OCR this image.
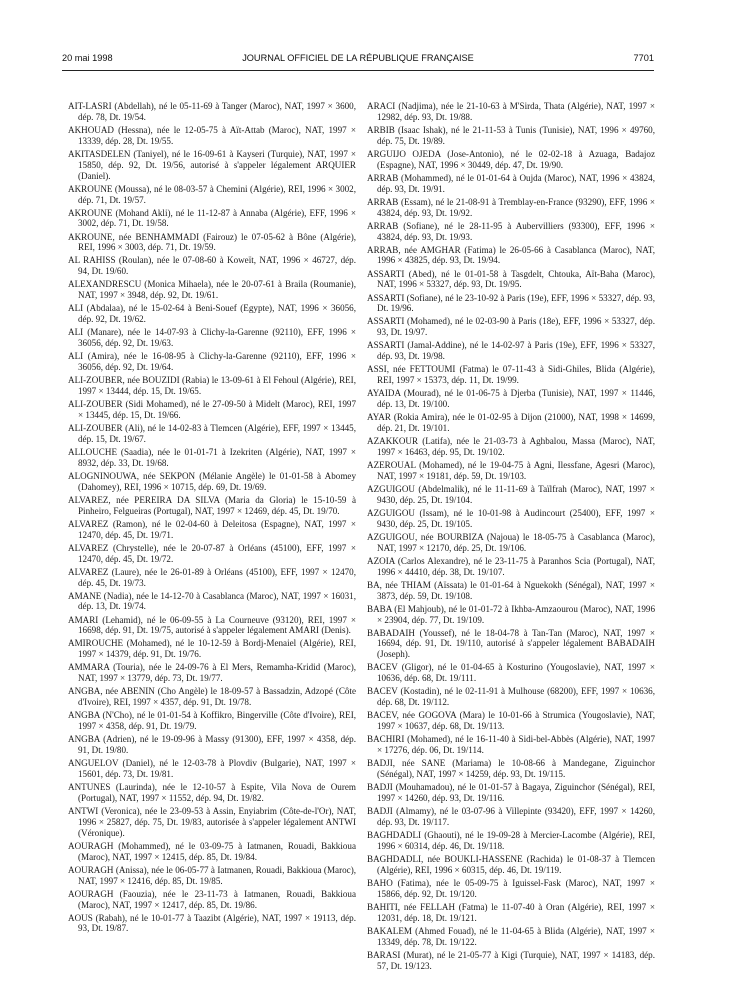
20 mai 1998	JOURNAL OFFICIEL DE LA RÉPUBLIQUE FRANÇAISE	7701

AIT-LASRI (Abdellah), né le 05-11-69 à Tanger (Maroc), NAT, 1997 × 3600, dép. 78, Dt. 19/54.

AKHOUAD (Hessna), née le 12-05-75 à Aït-Attab (Maroc), NAT, 1997 × 13339, dép. 28, Dt. 19/55.

AKITASDELEN (Taniyel), né le 16-09-61 à Kayseri (Turquie), NAT, 1997 × 15850, dép. 92, Dt. 19/56, autorisé à s'appeler légalement ARQUIER (Daniel).

AKROUNE (Moussa), né le 08-03-57 à Chemini (Algérie), REI, 1996 × 3002, dép. 71, Dt. 19/57.

AKROUNE (Mohand Akli), né le 11-12-87 à Annaba (Algérie), EFF, 1996 × 3002, dép. 71, Dt. 19/58.

AKROUNE, née BENHAMMADI (Fairouz) le 07-05-62 à Bône (Algérie), REI, 1996 × 3003, dép. 71, Dt. 19/59.

AL RAHISS (Roulan), née le 07-08-60 à Koweït, NAT, 1996 × 46727, dép. 94, Dt. 19/60.

ALEXANDRESCU (Monica Mihaela), née le 20-07-61 à Braila (Roumanie), NAT, 1997 × 3948, dép. 92, Dt. 19/61.

ALI (Abdalaa), né le 15-02-64 à Beni-Souef (Egypte), NAT, 1996 × 36056, dép. 92, Dt. 19/62.

ALI (Manare), née le 14-07-93 à Clichy-la-Garenne (92110), EFF, 1996 × 36056, dép. 92, Dt. 19/63.

ALI (Amira), née le 16-08-95 à Clichy-la-Garenne (92110), EFF, 1996 × 36056, dép. 92, Dt. 19/64.

ALI-ZOUBER, née BOUZIDI (Rabia) le 13-09-61 à El Fehoul (Algérie), REI, 1997 × 13444, dép. 15, Dt. 19/65.

ALI-ZOUBER (Sidi Mohamed), né le 27-09-50 à Midelt (Maroc), REI, 1997 × 13445, dép. 15, Dt. 19/66.

ALI-ZOUBER (Ali), né le 14-02-83 à Tlemcen (Algérie), EFF, 1997 × 13445, dép. 15, Dt. 19/67.

ALLOUCHE (Saadia), née le 01-01-71 à Izekriten (Algérie), NAT, 1997 × 8932, dép. 33, Dt. 19/68.

ALOGNINOUWA, née SEKPON (Mélanie Angèle) le 01-01-58 à Abomey (Dahomey), REI, 1996 × 10715, dép. 69, Dt. 19/69.

ALVAREZ, née PEREIRA DA SILVA (Maria da Gloria) le 15-10-59 à Pinheiro, Felgueiras (Portugal), NAT, 1997 × 12469, dép. 45, Dt. 19/70.

ALVAREZ (Ramon), né le 02-04-60 à Deleitosa (Espagne), NAT, 1997 × 12470, dép. 45, Dt. 19/71.

ALVAREZ (Chrystelle), née le 20-07-87 à Orléans (45100), EFF, 1997 × 12470, dép. 45, Dt. 19/72.

ALVAREZ (Laure), née le 26-01-89 à Orléans (45100), EFF, 1997 × 12470, dép. 45, Dt. 19/73.

AMANE (Nadia), née le 14-12-70 à Casablanca (Maroc), NAT, 1997 × 16031, dép. 13, Dt. 19/74.

AMARI (Lehamid), né le 06-09-55 à La Courneuve (93120), REI, 1997 × 16698, dép. 91, Dt. 19/75, autorisé à s'appeler légalement AMARI (Denis).

AMIROUCHE (Mohamed), né le 10-12-59 à Bordj-Menaiel (Algérie), REI, 1997 × 14379, dép. 91, Dt. 19/76.

AMMARA (Touria), née le 24-09-76 à El Mers, Remamha-Kridid (Maroc), NAT, 1997 × 13779, dép. 73, Dt. 19/77.

ANGBA, née ABENIN (Cho Angèle) le 18-09-57 à Bassadzin, Adzopé (Côte d'Ivoire), REI, 1997 × 4357, dép. 91, Dt. 19/78.

ANGBA (N'Cho), né le 01-01-54 à Koffikro, Bingerville (Côte d'Ivoire), REI, 1997 × 4358, dép. 91, Dt. 19/79.

ANGBA (Adrien), né le 19-09-96 à Massy (91300), EFF, 1997 × 4358, dép. 91, Dt. 19/80.

ANGUELOV (Daniel), né le 12-03-78 à Plovdiv (Bulgarie), NAT, 1997 × 15601, dép. 73, Dt. 19/81.

ANTUNES (Laurinda), née le 12-10-57 à Espite, Vila Nova de Ourem (Portugal), NAT, 1997 × 11552, dép. 94, Dt. 19/82.

ANTWI (Veronica), née le 23-09-53 à Assin, Enyiabrim (Côte-de-l'Or), NAT, 1996 × 25827, dép. 75, Dt. 19/83, autorisée à s'appeler légalement ANTWI (Véronique).

AOURAGH (Mohammed), né le 03-09-75 à Iatmanen, Rouadi, Bakkioua (Maroc), NAT, 1997 × 12415, dép. 85, Dt. 19/84.

AOURAGH (Anissa), née le 06-05-77 à Iatmanen, Rouadi, Bakkioua (Maroc), NAT, 1997 × 12416, dép. 85, Dt. 19/85.

AOURAGH (Faouzia), née le 23-11-73 à Iatmanen, Rouadi, Bakkioua (Maroc), NAT, 1997 × 12417, dép. 85, Dt. 19/86.

AOUS (Rabah), né le 10-01-77 à Taazibt (Algérie), NAT, 1997 × 19113, dép. 93, Dt. 19/87.

ARACI (Nadjima), née le 21-10-63 à M'Sirda, Thata (Algérie), NAT, 1997 × 12982, dép. 93, Dt. 19/88.

ARBIB (Isaac Ishak), né le 21-11-53 à Tunis (Tunisie), NAT, 1996 × 49760, dép. 75, Dt. 19/89.

ARGUIJO OJEDA (Jose-Antonio), né le 02-02-18 à Azuaga, Badajoz (Espagne), NAT, 1996 × 30449, dép. 47, Dt. 19/90.

ARRAB (Mohammed), né le 01-01-64 à Oujda (Maroc), NAT, 1996 × 43824, dép. 93, Dt. 19/91.

ARRAB (Essam), né le 21-08-91 à Tremblay-en-France (93290), EFF, 1996 × 43824, dép. 93, Dt. 19/92.

ARRAB (Sofiane), né le 28-11-95 à Aubervilliers (93300), EFF, 1996 × 43824, dép. 93, Dt. 19/93.

ARRAB, née AMGHAR (Fatima) le 26-05-66 à Casablanca (Maroc), NAT, 1996 × 43825, dép. 93, Dt. 19/94.

ASSARTI (Abed), né le 01-01-58 à Tasgdelt, Chtouka, Aït-Baha (Maroc), NAT, 1996 × 53327, dép. 93, Dt. 19/95.

ASSARTI (Sofiane), né le 23-10-92 à Paris (19e), EFF, 1996 × 53327, dép. 93, Dt. 19/96.

ASSARTI (Mohamed), né le 02-03-90 à Paris (18e), EFF, 1996 × 53327, dép. 93, Dt. 19/97.

ASSARTI (Jamal-Addine), né le 14-02-97 à Paris (19e), EFF, 1996 × 53327, dép. 93, Dt. 19/98.

ASSI, née FETTOUMI (Fatma) le 07-11-43 à Sidi-Ghiles, Blida (Algérie), REI, 1997 × 15373, dép. 11, Dt. 19/99.

AYAIDA (Mourad), né le 01-06-75 à Djerba (Tunisie), NAT, 1997 × 11446, dép. 13, Dt. 19/100.

AYAR (Rokia Amira), née le 01-02-95 à Dijon (21000), NAT, 1998 × 14699, dép. 21, Dt. 19/101.

AZAKKOUR (Latifa), née le 21-03-73 à Aghbalou, Massa (Maroc), NAT, 1997 × 16463, dép. 95, Dt. 19/102.

AZEROUAL (Mohamed), né le 19-04-75 à Agni, Ilessfane, Agesri (Maroc), NAT, 1997 × 19181, dép. 59, Dt. 19/103.

AZGUIGOU (Abdelmalik), né le 11-11-69 à Taïlfrah (Maroc), NAT, 1997 × 9430, dép. 25, Dt. 19/104.

AZGUIGOU (Issam), né le 10-01-98 à Audincourt (25400), EFF, 1997 × 9430, dép. 25, Dt. 19/105.

AZGUIGOU, née BOURBIZA (Najoua) le 18-05-75 à Casablanca (Maroc), NAT, 1997 × 12170, dép. 25, Dt. 19/106.

AZOIA (Carlos Alexandre), né le 23-11-75 à Paranhos Scia (Portugal), NAT, 1996 × 44410, dép. 38, Dt. 19/107.

BA, née THIAM (Aïssata) le 01-01-64 à Nguekokh (Sénégal), NAT, 1997 × 3873, dép. 59, Dt. 19/108.

BABA (El Mahjoub), né le 01-01-72 à Ikhba-Amzaourou (Maroc), NAT, 1996 × 23904, dép. 77, Dt. 19/109.

BABADAIH (Youssef), né le 18-04-78 à Tan-Tan (Maroc), NAT, 1997 × 16694, dép. 91, Dt. 19/110, autorisé à s'appeler légalement BABADAIH (Joseph).

BACEV (Gligor), né le 01-04-65 à Kosturino (Yougoslavie), NAT, 1997 × 10636, dép. 68, Dt. 19/111.

BACEV (Kostadin), né le 02-11-91 à Mulhouse (68200), EFF, 1997 × 10636, dép. 68, Dt. 19/112.

BACEV, née GOGOVA (Mara) le 10-01-66 à Strumica (Yougoslavie), NAT, 1997 × 10637, dép. 68, Dt. 19/113.

BACHIRI (Mohamed), né le 16-11-40 à Sidi-bel-Abbès (Algérie), NAT, 1997 × 17276, dép. 06, Dt. 19/114.

BADJI, née SANE (Mariama) le 10-08-66 à Mandegane, Ziguinchor (Sénégal), NAT, 1997 × 14259, dép. 93, Dt. 19/115.

BADJI (Mouhamadou), né le 01-01-57 à Bagaya, Ziguinchor (Sénégal), REI, 1997 × 14260, dép. 93, Dt. 19/116.

BADJI (Almamy), né le 03-07-96 à Villepinte (93420), EFF, 1997 × 14260, dép. 93, Dt. 19/117.

BAGHDADLI (Ghaouti), né le 19-09-28 à Mercier-Lacombe (Algérie), REI, 1996 × 60314, dép. 46, Dt. 19/118.

BAGHDADLI, née BOUKLI-HASSENE (Rachida) le 01-08-37 à Tlemcen (Algérie), REI, 1996 × 60315, dép. 46, Dt. 19/119.

BAHO (Fatima), née le 05-09-75 à Iguissel-Fask (Maroc), NAT, 1997 × 15866, dép. 92, Dt. 19/120.

BAHITI, née FELLAH (Fatma) le 11-07-40 à Oran (Algérie), REI, 1997 × 12031, dép. 18, Dt. 19/121.

BAKALEM (Ahmed Fouad), né le 11-04-65 à Blida (Algérie), NAT, 1997 × 13349, dép. 78, Dt. 19/122.

BARASI (Murat), né le 21-05-77 à Kigi (Turquie), NAT, 1997 × 14183, dép. 57, Dt. 19/123.
